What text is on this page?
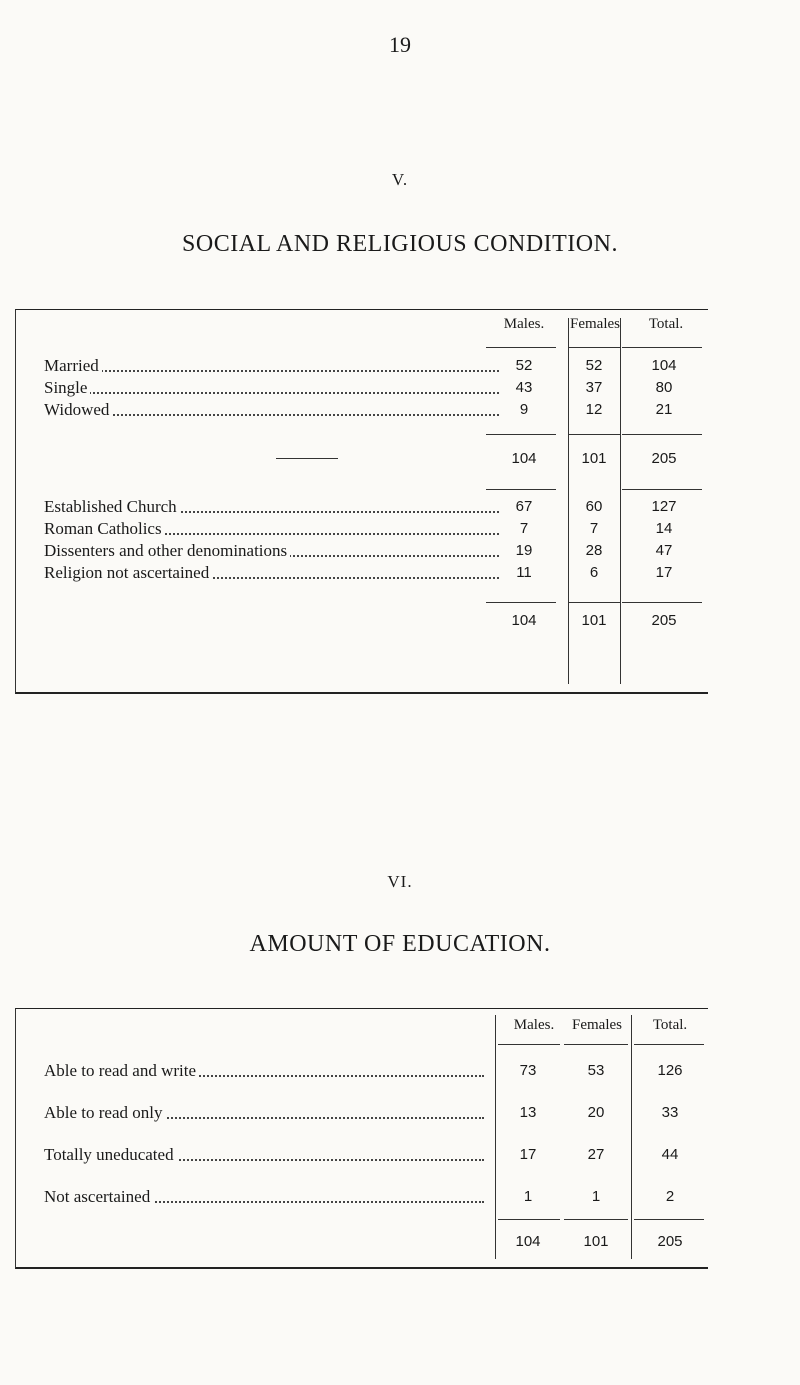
19
V.
SOCIAL AND RELIGIOUS CONDITION.
Males.	Females	Total.
Married	52	52	104
Single	43	37	80
Widowed	9	12	21
104	101	205
Established Church	67	60	127
Roman Catholics	7	7	14
Dissenters and other denominations	19	28	47
Religion not ascertained	11	6	17
104	101	205
VI.
AMOUNT OF EDUCATION.
Males.	Females	Total.
Able to read and write	73	53	126
Able to read only	13	20	33
Totally uneducated	17	27	44
Not ascertained	1	1	2
104	101	205
